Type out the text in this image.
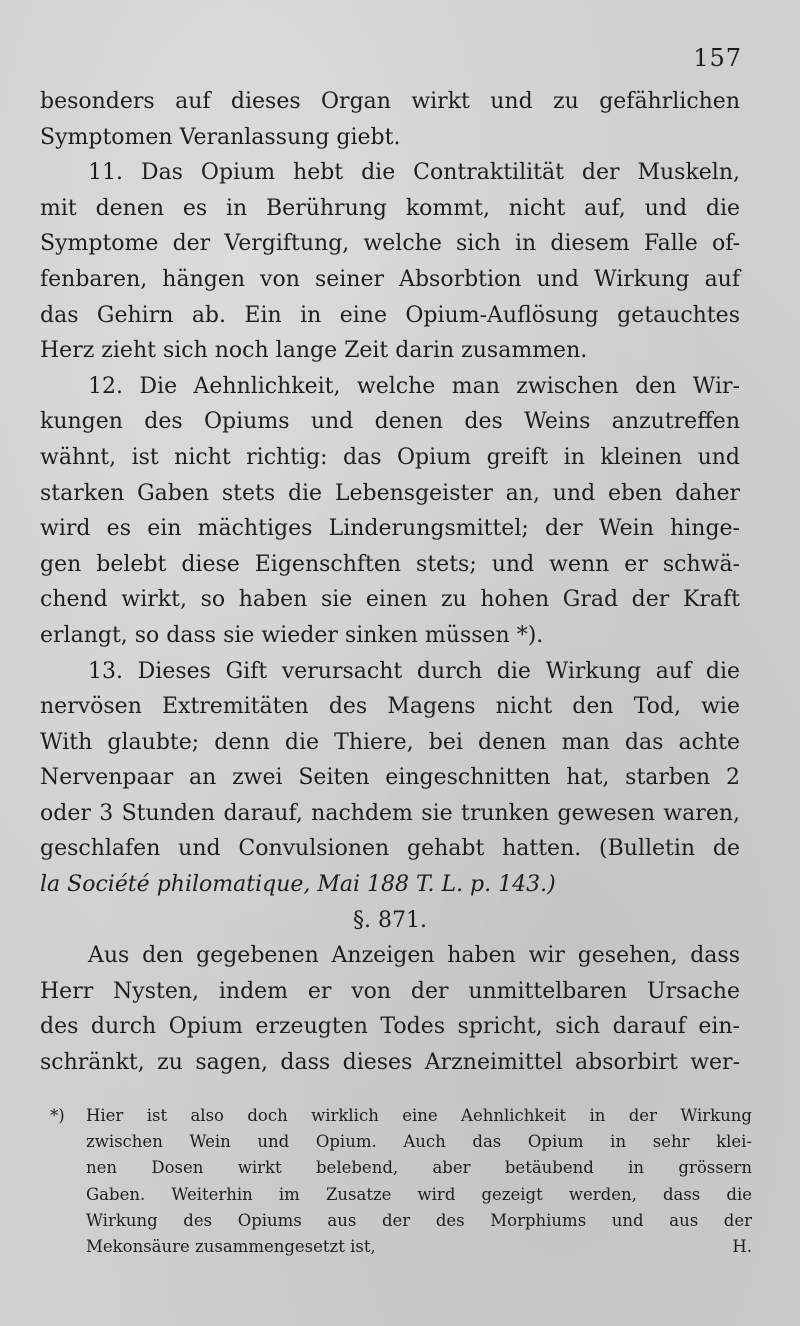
157
besonders auf dieses Organ wirkt und zu gefährlichen
Symptomen Veranlassung giebt.
11. Das Opium hebt die Contraktilität der Muskeln,
mit denen es in Berührung kommt, nicht auf, und die
Symptome der Vergiftung, welche sich in diesem Falle of-
fenbaren, hängen von seiner Absorbtion und Wirkung auf
das Gehirn ab. Ein in eine Opium-Auflösung getauchtes
Herz zieht sich noch lange Zeit darin zusammen.
12. Die Aehnlichkeit, welche man zwischen den Wir-
kungen des Opiums und denen des Weins anzutreffen
wähnt, ist nicht richtig: das Opium greift in kleinen und
starken Gaben stets die Lebensgeister an, und eben daher
wird es ein mächtiges Linderungsmittel; der Wein hinge-
gen belebt diese Eigenschften stets; und wenn er schwä-
chend wirkt, so haben sie einen zu hohen Grad der Kraft
erlangt, so dass sie wieder sinken müssen *).
13. Dieses Gift verursacht durch die Wirkung auf die
nervösen Extremitäten des Magens nicht den Tod, wie
With glaubte; denn die Thiere, bei denen man das achte
Nervenpaar an zwei Seiten eingeschnitten hat, starben 2
oder 3 Stunden darauf, nachdem sie trunken gewesen waren,
geschlafen und Convulsionen gehabt hatten. (Bulletin de
la Société philomatique, Mai 188 T. L. p. 143.)
§. 871.
Aus den gegebenen Anzeigen haben wir gesehen, dass
Herr Nysten, indem er von der unmittelbaren Ursache
des durch Opium erzeugten Todes spricht, sich darauf ein-
schränkt, zu sagen, dass dieses Arzneimittel absorbirt wer-
*) Hier ist also doch wirklich eine Aehnlichkeit in der Wirkung
zwischen Wein und Opium. Auch das Opium in sehr klei-
nen Dosen wirkt belebend, aber betäubend in grössern
Gaben. Weiterhin im Zusatze wird gezeigt werden, dass die
Wirkung des Opiums aus der des Morphiums und aus der
Mekonsäure zusammengesetzt ist,	H.
